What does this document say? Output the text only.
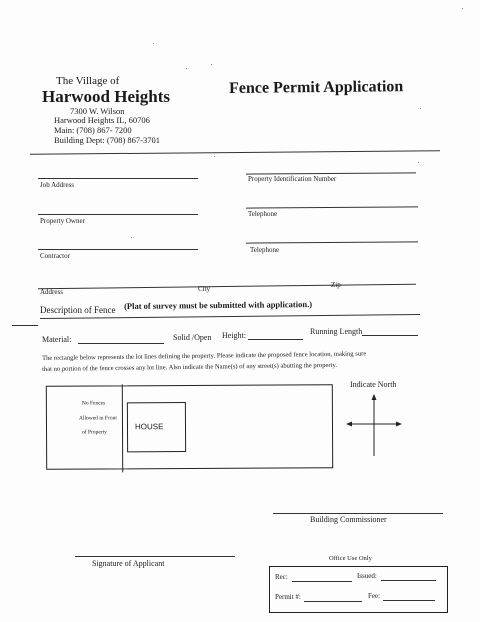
The Village of
Harwood Heights
7300 W. Wilson
Harwood Heights IL, 60706
Main: (708) 867- 7200
Building Dept: (708) 867-3701
Fence Permit Application
Job Address
Property Identification Number
Property Owner
Telephone
Contractor
Telephone
Address	City	Zip
Description of Fence (Plat of survey must be submitted with application.)
Material:	Solid /Open Height:	Running Length
The rectangle below represents the lot lines defining the property. Please indicate the proposed fence location, making sure
that no portion of the fence crosses any lot line. Also indicate the Name(s) of any street(s) abutting the property.
No Fences
Allowed in Front
of Property
HOUSE
Indicate North
Building Commissioner
Signature of Applicant
Office Use Only
Rec:	Issued:
Permit #:	Fee:
